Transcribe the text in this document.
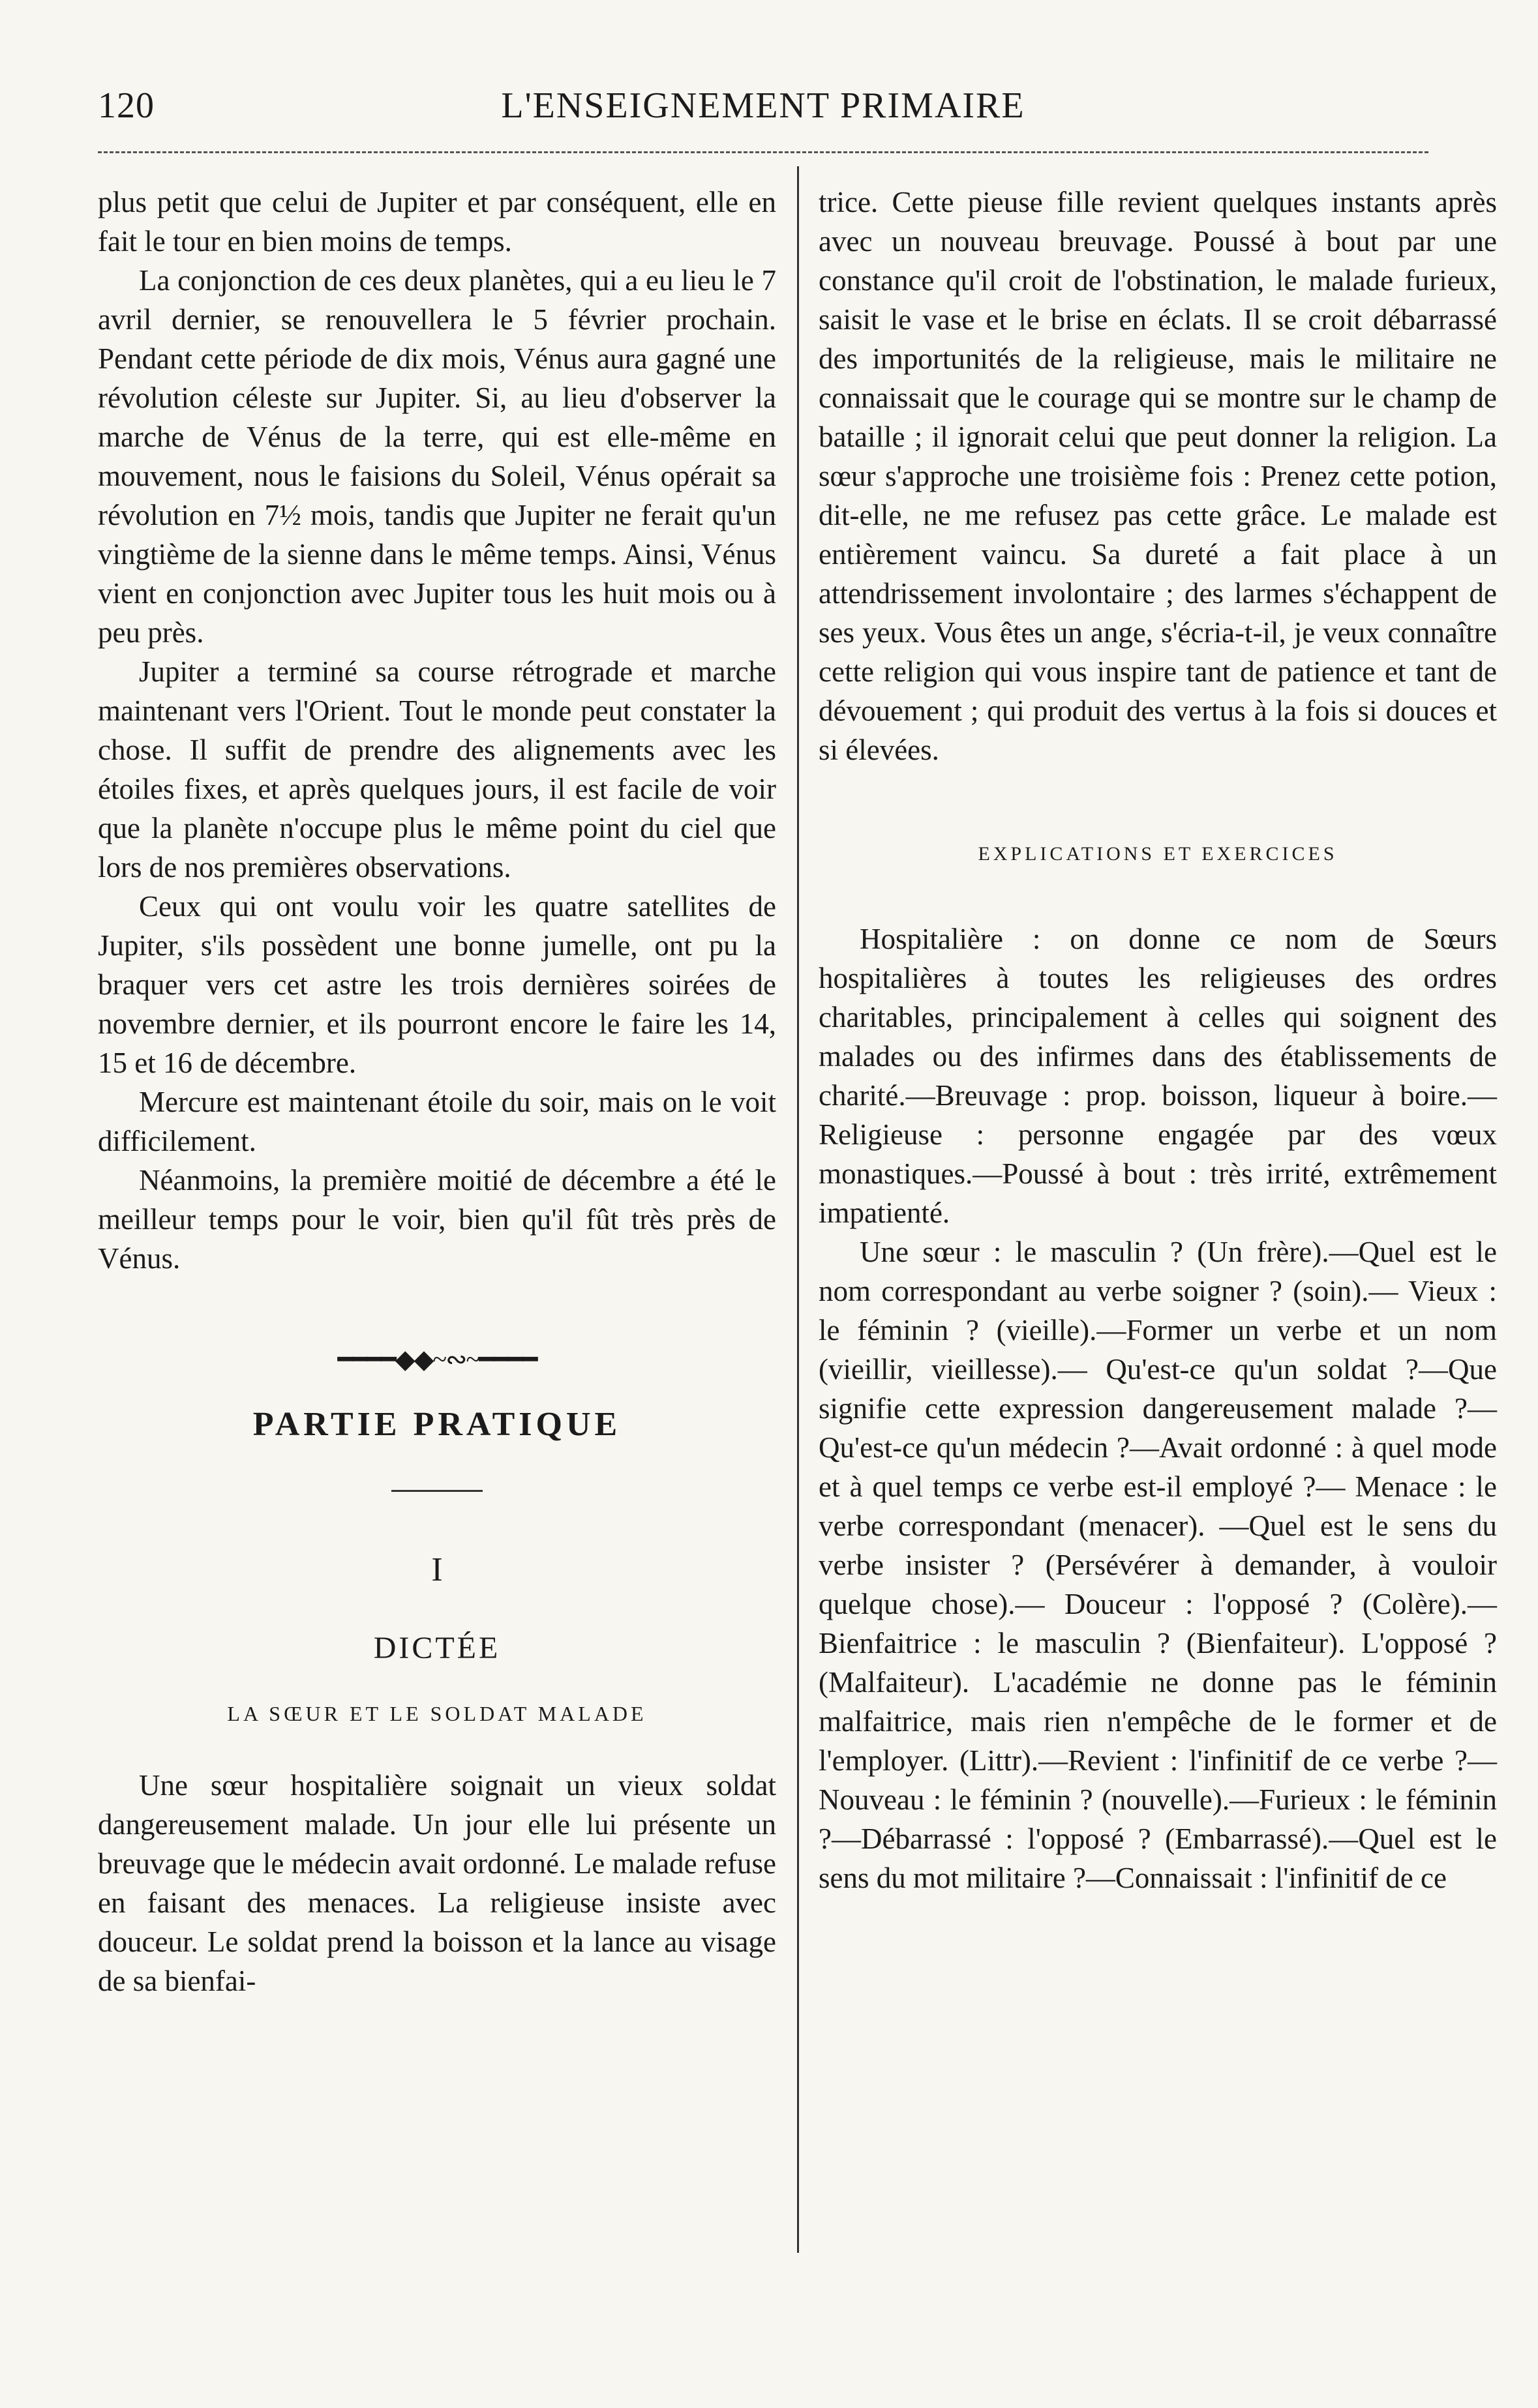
120	L'ENSEIGNEMENT PRIMAIRE

plus petit que celui de Jupiter et par conséquent, elle en fait le tour en bien moins de temps.

La conjonction de ces deux planètes, qui a eu lieu le 7 avril dernier, se renouvellera le 5 février prochain. Pendant cette période de dix mois, Vénus aura gagné une révolution céleste sur Jupiter. Si, au lieu d'observer la marche de Vénus de la terre, qui est elle-même en mouvement, nous le faisions du Soleil, Vénus opérait sa révolution en 7½ mois, tandis que Jupiter ne ferait qu'un vingtième de la sienne dans le même temps. Ainsi, Vénus vient en conjonction avec Jupiter tous les huit mois ou à peu près.

Jupiter a terminé sa course rétrograde et marche maintenant vers l'Orient. Tout le monde peut constater la chose. Il suffit de prendre des alignements avec les étoiles fixes, et après quelques jours, il est facile de voir que la planète n'occupe plus le même point du ciel que lors de nos premières observations.

Ceux qui ont voulu voir les quatre satellites de Jupiter, s'ils possèdent une bonne jumelle, ont pu la braquer vers cet astre les trois dernières soirées de novembre dernier, et ils pourront encore le faire les 14, 15 et 16 de décembre.

Mercure est maintenant étoile du soir, mais on le voit difficilement.

Néanmoins, la première moitié de décembre a été le meilleur temps pour le voir, bien qu'il fût très près de Vénus.

━━━━◆◆~∾~━━━━
PARTIE PRATIQUE
I
DICTÉE
LA SŒUR ET LE SOLDAT MALADE

Une sœur hospitalière soignait un vieux soldat dangereusement malade. Un jour elle lui présente un breuvage que le médecin avait ordonné. Le malade refuse en faisant des menaces. La religieuse insiste avec douceur. Le soldat prend la boisson et la lance au visage de sa bienfai-

trice. Cette pieuse fille revient quelques instants après avec un nouveau breuvage. Poussé à bout par une constance qu'il croit de l'obstination, le malade furieux, saisit le vase et le brise en éclats. Il se croit débarrassé des importunités de la religieuse, mais le militaire ne connaissait que le courage qui se montre sur le champ de bataille ; il ignorait celui que peut donner la religion. La sœur s'approche une troisième fois : Prenez cette potion, dit-elle, ne me refusez pas cette grâce. Le malade est entièrement vaincu. Sa dureté a fait place à un attendrissement involontaire ; des larmes s'échappent de ses yeux. Vous êtes un ange, s'écria-t-il, je veux connaître cette religion qui vous inspire tant de patience et tant de dévouement ; qui produit des vertus à la fois si douces et si élevées.

EXPLICATIONS ET EXERCICES

Hospitalière : on donne ce nom de Sœurs hospitalières à toutes les religieuses des ordres charitables, principalement à celles qui soignent des malades ou des infirmes dans des établissements de charité.—Breuvage : prop. boisson, liqueur à boire.—Religieuse : personne engagée par des vœux monastiques.—Poussé à bout : très irrité, extrêmement impatienté.

Une sœur : le masculin ? (Un frère).—Quel est le nom correspondant au verbe soigner ? (soin).— Vieux : le féminin ? (vieille).—Former un verbe et un nom (vieillir, vieillesse).— Qu'est-ce qu'un soldat ?—Que signifie cette expression dangereusement malade ?—Qu'est-ce qu'un médecin ?—Avait ordonné : à quel mode et à quel temps ce verbe est-il employé ?— Menace : le verbe correspondant (menacer). —Quel est le sens du verbe insister ? (Persévérer à demander, à vouloir quelque chose).— Douceur : l'opposé ? (Colère).—Bienfaitrice : le masculin ? (Bienfaiteur). L'opposé ? (Malfaiteur). L'académie ne donne pas le féminin malfaitrice, mais rien n'empêche de le former et de l'employer. (Littr).—Revient : l'infinitif de ce verbe ?—Nouveau : le féminin ? (nouvelle).—Furieux : le féminin ?—Débarrassé : l'opposé ? (Embarrassé).—Quel est le sens du mot militaire ?—Connaissait : l'infinitif de ce
